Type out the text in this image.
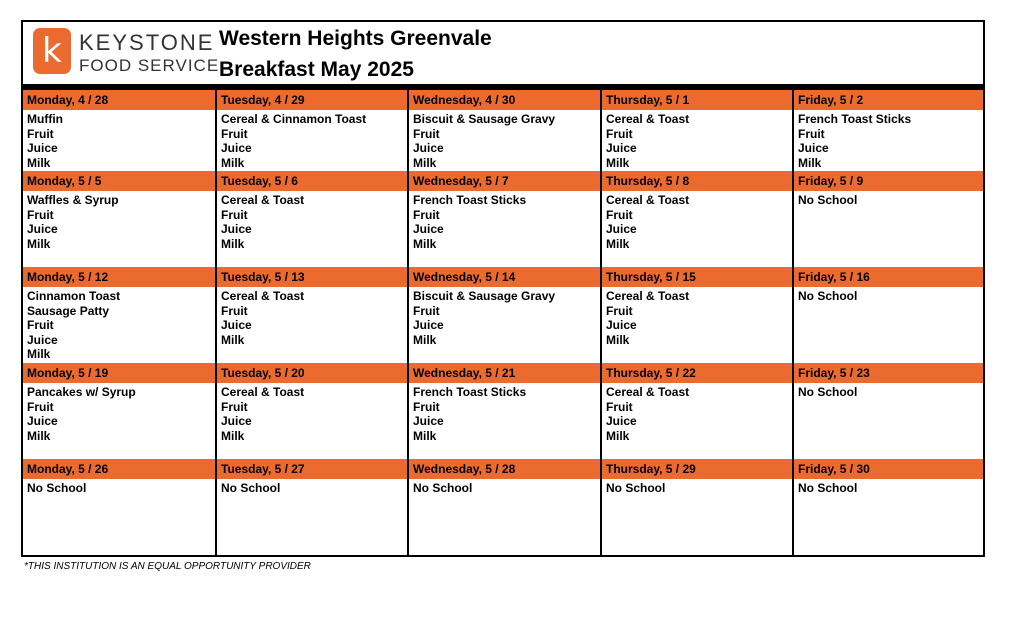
k KEYSTONE
FOOD SERVICE
Western Heights Greenvale
Breakfast May 2025
Monday, 4 / 28
Muffin
Fruit
Juice
Milk
Tuesday, 4 / 29
Cereal & Cinnamon Toast
Fruit
Juice
Milk
Wednesday, 4 / 30
Biscuit & Sausage Gravy
Fruit
Juice
Milk
Thursday, 5 / 1
Cereal & Toast
Fruit
Juice
Milk
Friday, 5 / 2
French Toast Sticks
Fruit
Juice
Milk
Monday, 5 / 5
Waffles & Syrup
Fruit
Juice
Milk
Tuesday, 5 / 6
Cereal & Toast
Fruit
Juice
Milk
Wednesday, 5 / 7
French Toast Sticks
Fruit
Juice
Milk
Thursday, 5 / 8
Cereal & Toast
Fruit
Juice
Milk
Friday, 5 / 9
No School
Monday, 5 / 12
Cinnamon Toast
Sausage Patty
Fruit
Juice
Milk
Tuesday, 5 / 13
Cereal & Toast
Fruit
Juice
Milk
Wednesday, 5 / 14
Biscuit & Sausage Gravy
Fruit
Juice
Milk
Thursday, 5 / 15
Cereal & Toast
Fruit
Juice
Milk
Friday, 5 / 16
No School
Monday, 5 / 19
Pancakes w/ Syrup
Fruit
Juice
Milk
Tuesday, 5 / 20
Cereal & Toast
Fruit
Juice
Milk
Wednesday, 5 / 21
French Toast Sticks
Fruit
Juice
Milk
Thursday, 5 / 22
Cereal & Toast
Fruit
Juice
Milk
Friday, 5 / 23
No School
Monday, 5 / 26
No School
Tuesday, 5 / 27
No School
Wednesday, 5 / 28
No School
Thursday, 5 / 29
No School
Friday, 5 / 30
No School
*THIS INSTITUTION IS AN EQUAL OPPORTUNITY PROVIDER
